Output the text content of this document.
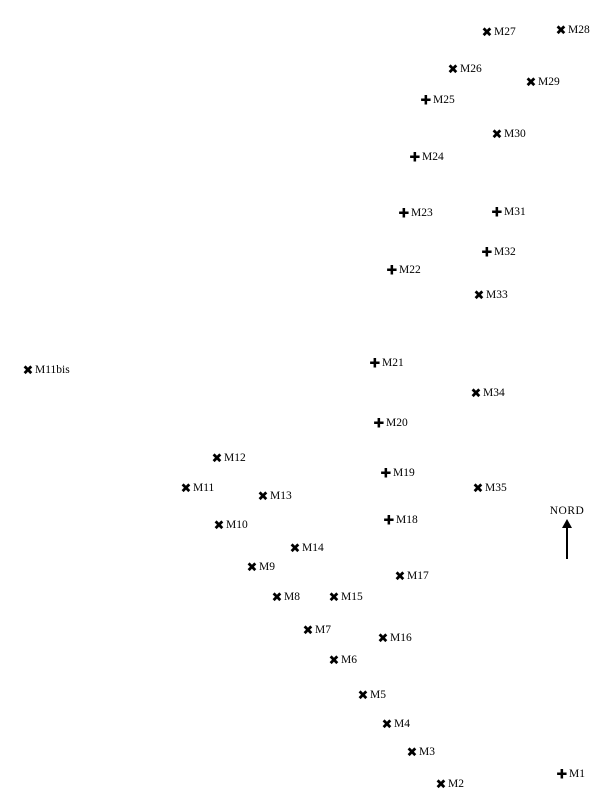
✚ M1
✖ M2
✖ M3
✖ M4
✖ M5
✖ M6
✖ M7
✖ M8
✖ M9
✖ M10
✖ M11
✖ M11bis
✖ M12
✖ M13
✖ M14
✖ M15
✖ M16
✖ M17
✚ M18
✚ M19
✚ M20
✚ M21
✚ M22
✚ M23
✚ M24
✚ M25
✖ M26
✖ M27	✖ M28
✖ M29
✖ M30
✚ M31
✚ M32
✖ M33
✖ M34
✖ M35
NORD
